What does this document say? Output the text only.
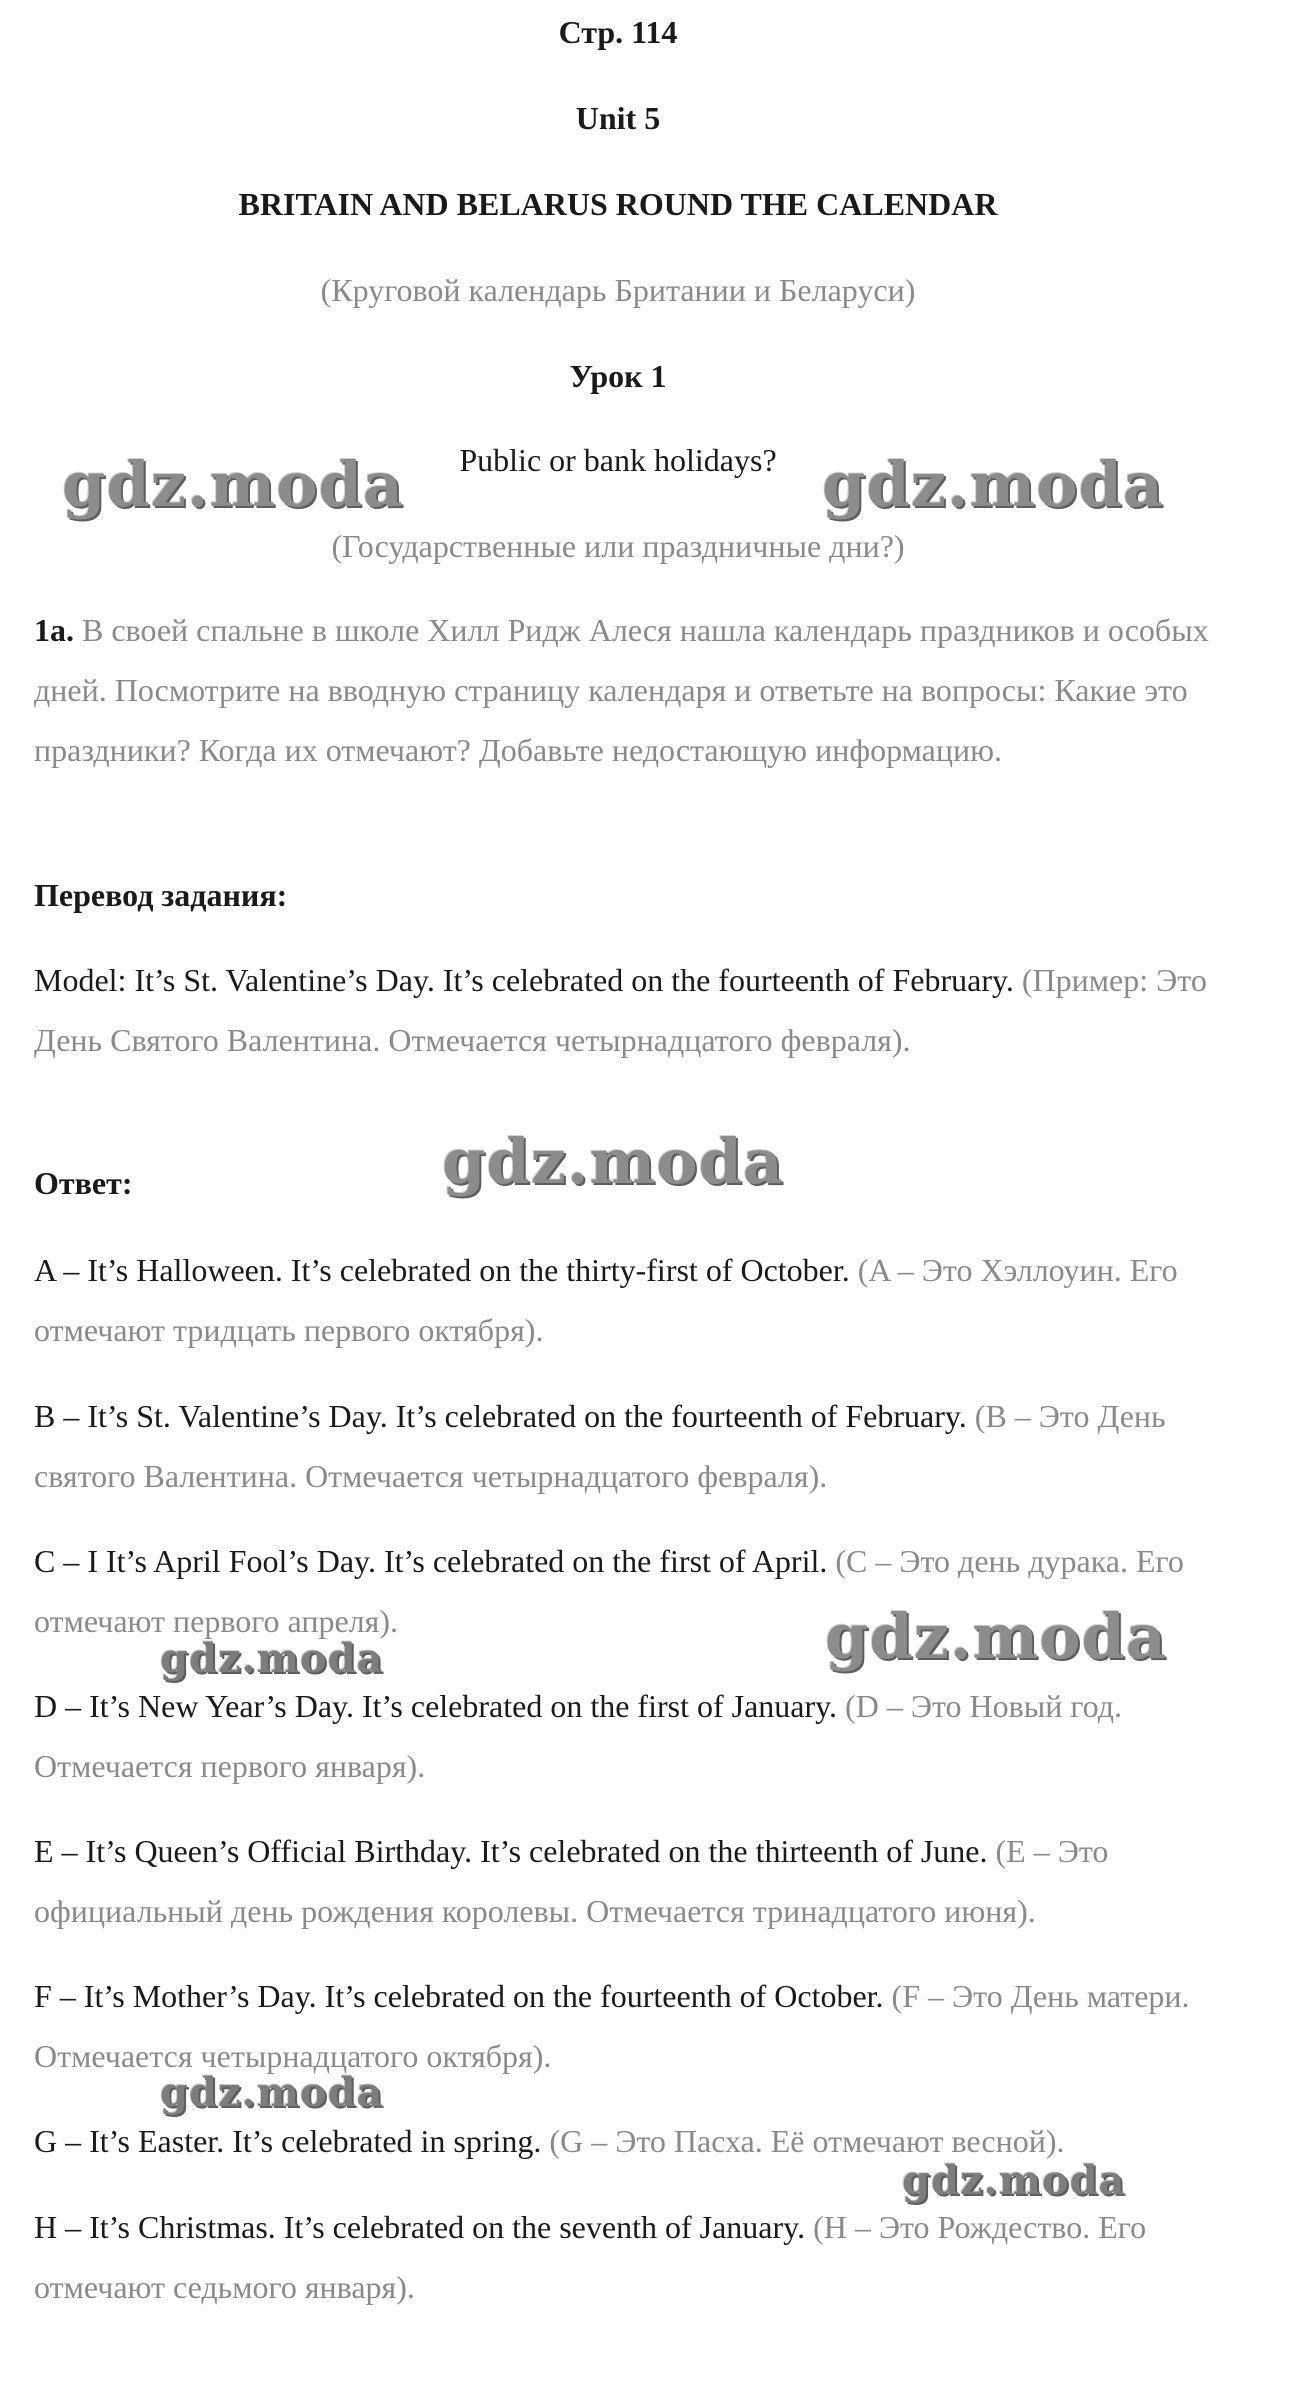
Стр. 114
Unit 5
BRITAIN AND BELARUS ROUND THE CALENDAR
(Круговой календарь Британии и Беларуси)
Урок 1
Public or bank holidays?
(Государственные или праздничные дни?)
1a. В своей спальне в школе Хилл Ридж Алеся нашла календарь праздников и особых дней. Посмотрите на вводную страницу календаря и ответьте на вопросы: Какие это праздники? Когда их отмечают? Добавьте недостающую информацию.
Перевод задания:
Model: It’s St. Valentine’s Day. It’s celebrated on the fourteenth of February. (Пример: Это День Святого Валентина. Отмечается четырнадцатого февраля).
Ответ:
A – It’s Halloween. It’s celebrated on the thirty-first of October. (A – Это Хэллоуин. Его отмечают тридцать первого октября).
B – It’s St. Valentine’s Day. It’s celebrated on the fourteenth of February. (B – Это День святого Валентина. Отмечается четырнадцатого февраля).
C – I It’s April Fool’s Day. It’s celebrated on the first of April. (C – Это день дурака. Его отмечают первого апреля).
D – It’s New Year’s Day. It’s celebrated on the first of January. (D – Это Новый год. Отмечается первого января).
E – It’s Queen’s Official Birthday. It’s celebrated on the thirteenth of June. (E – Это официальный день рождения королевы. Отмечается тринадцатого июня).
F – It’s Mother’s Day. It’s celebrated on the fourteenth of October. (F – Это День матери. Отмечается четырнадцатого октября).
G – It’s Easter. It’s celebrated in spring. (G – Это Пасха. Её отмечают весной).
H – It’s Christmas. It’s celebrated on the seventh of January. (H – Это Рождество. Его отмечают седьмого января).
gdz.moda	gdz.moda
gdz.moda
gdz.moda	gdz.moda
gdz.moda
gdz.moda
